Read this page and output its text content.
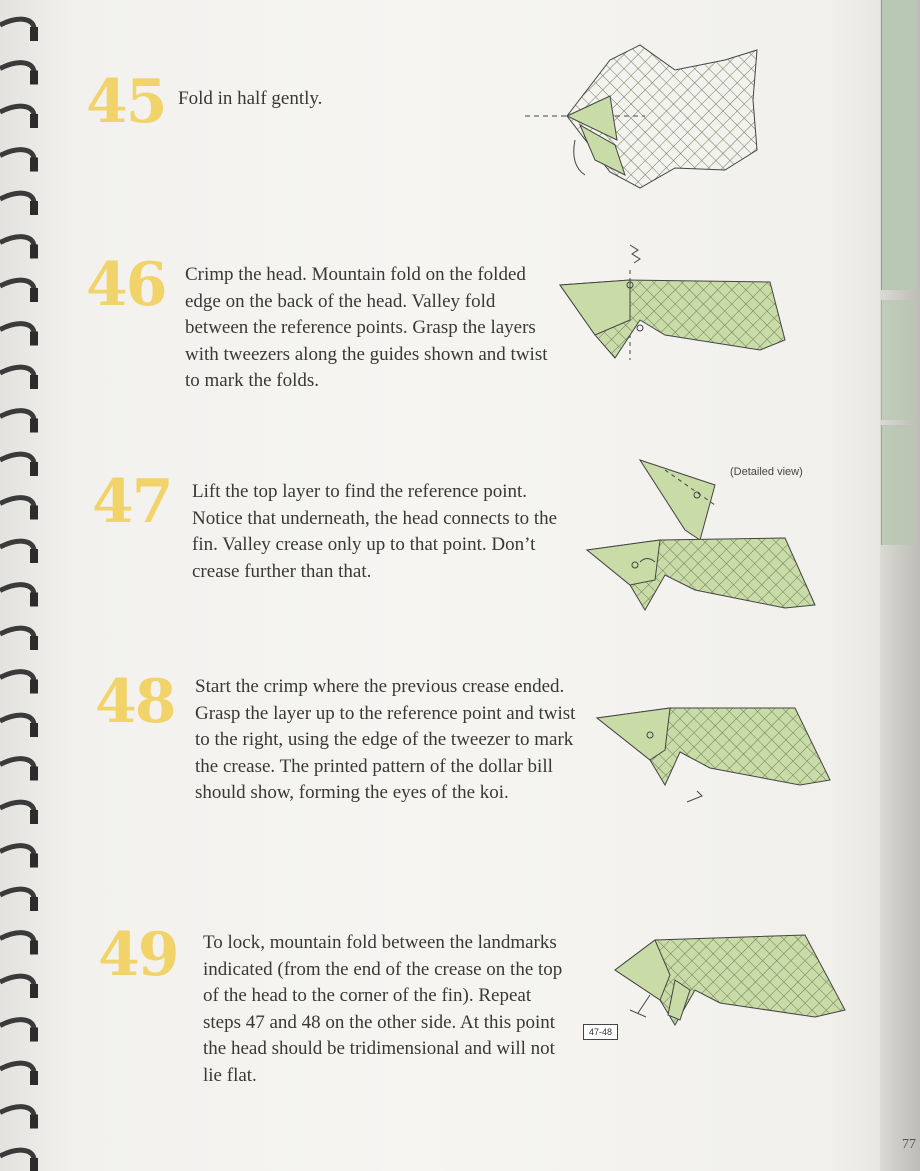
45 Fold in half gently.
46 Crimp the head. Mountain fold on the folded edge on the back of the head. Valley fold between the reference points. Grasp the layers with tweezers along the guides shown and twist to mark the folds.
47 Lift the top layer to find the reference point. Notice that underneath, the head connects to the fin. Valley crease only up to that point. Don’t crease further than that.
(Detailed view)
48 Start the crimp where the previous crease ended. Grasp the layer up to the reference point and twist to the right, using the edge of the tweezer to mark the crease. The printed pattern of the dollar bill should show, forming the eyes of the koi.
49 To lock, mountain fold between the landmarks indicated (from the end of the crease on the top of the head to the corner of the fin). Repeat steps 47 and 48 on the other side. At this point the head should be tridimensional and will not lie flat.
47-48
77
